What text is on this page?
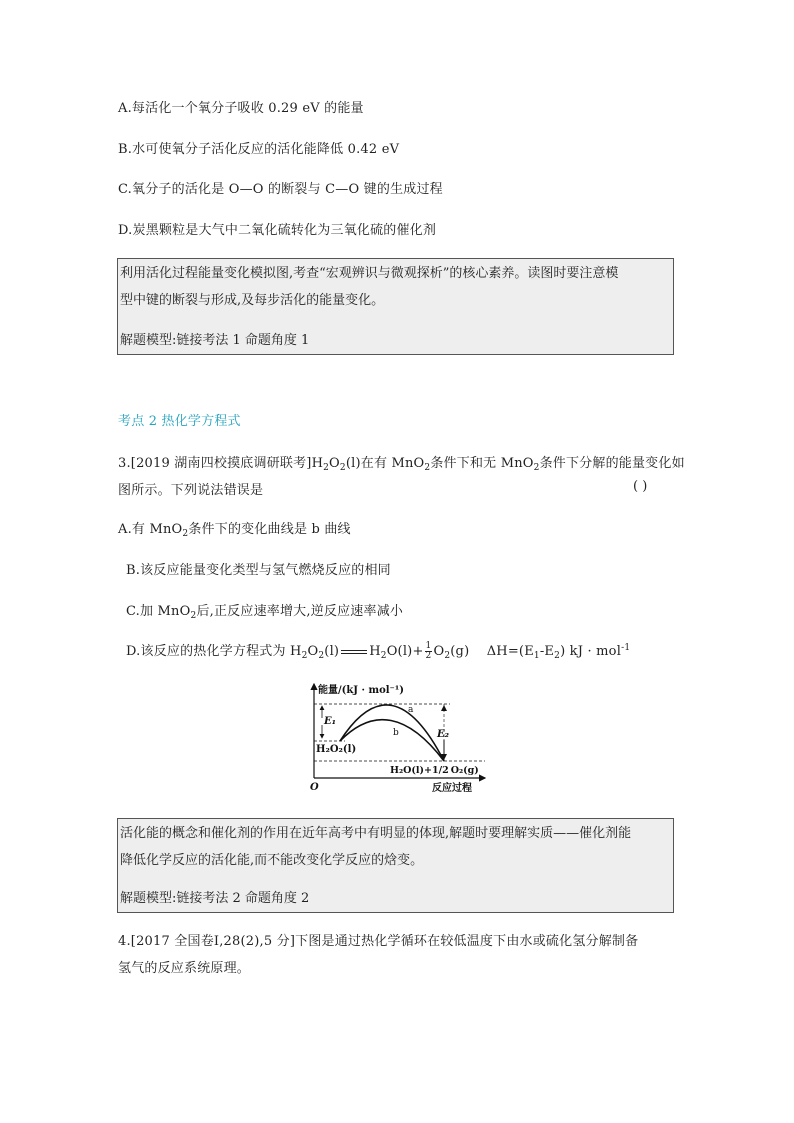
A.每活化一个氧分子吸收 0.29 eV 的能量
B.水可使氧分子活化反应的活化能降低 0.42 eV
C.氧分子的活化是 O—O 的断裂与 C—O 键的生成过程
D.炭黑颗粒是大气中二氧化硫转化为三氧化硫的催化剂

利用活化过程能量变化模拟图,考查“宏观辨识与微观探析”的核心素养。读图时要注意模

型中键的断裂与形成,及每步活化的能量变化。

解题模型:链接考法 1 命题角度 1

考点 2 热化学方程式
3.[2019 湖南四校摸底调研联考]$H_2O_2(l)$在有 MnO$_2$条件下和无 MnO$_2$条件下分解的能量变化如
图所示。下列说法错误是	( )
A.有 MnO$_2$条件下的变化曲线是 b 曲线
B.该反应能量变化类型与氢气燃烧反应的相同
C.加 MnO$_2$后,正反应速率增大,逆反应速率减小
D.该反应的热化学方程式为 $H_2O_2(l)$ $H_2O(l)+ \frac{1}{2} O_2(g)$ $\Delta H=(E_1-E_2)$ kJ · mol$^{-1}$
能量/(kJ · mol⁻¹)
反应过程
O
a
b
E₁
E₂
H₂O₂(l)
H₂O(l)+1/2 O₂(g)

活化能的概念和催化剂的作用在近年高考中有明显的体现,解题时要理解实质——催化剂能

降低化学反应的活化能,而不能改变化学反应的焓变。

解题模型:链接考法 2 命题角度 2

4.[2017 全国卷Ⅰ,28(2),5 分]下图是通过热化学循环在较低温度下由水或硫化氢分解制备
氢气的反应系统原理。
